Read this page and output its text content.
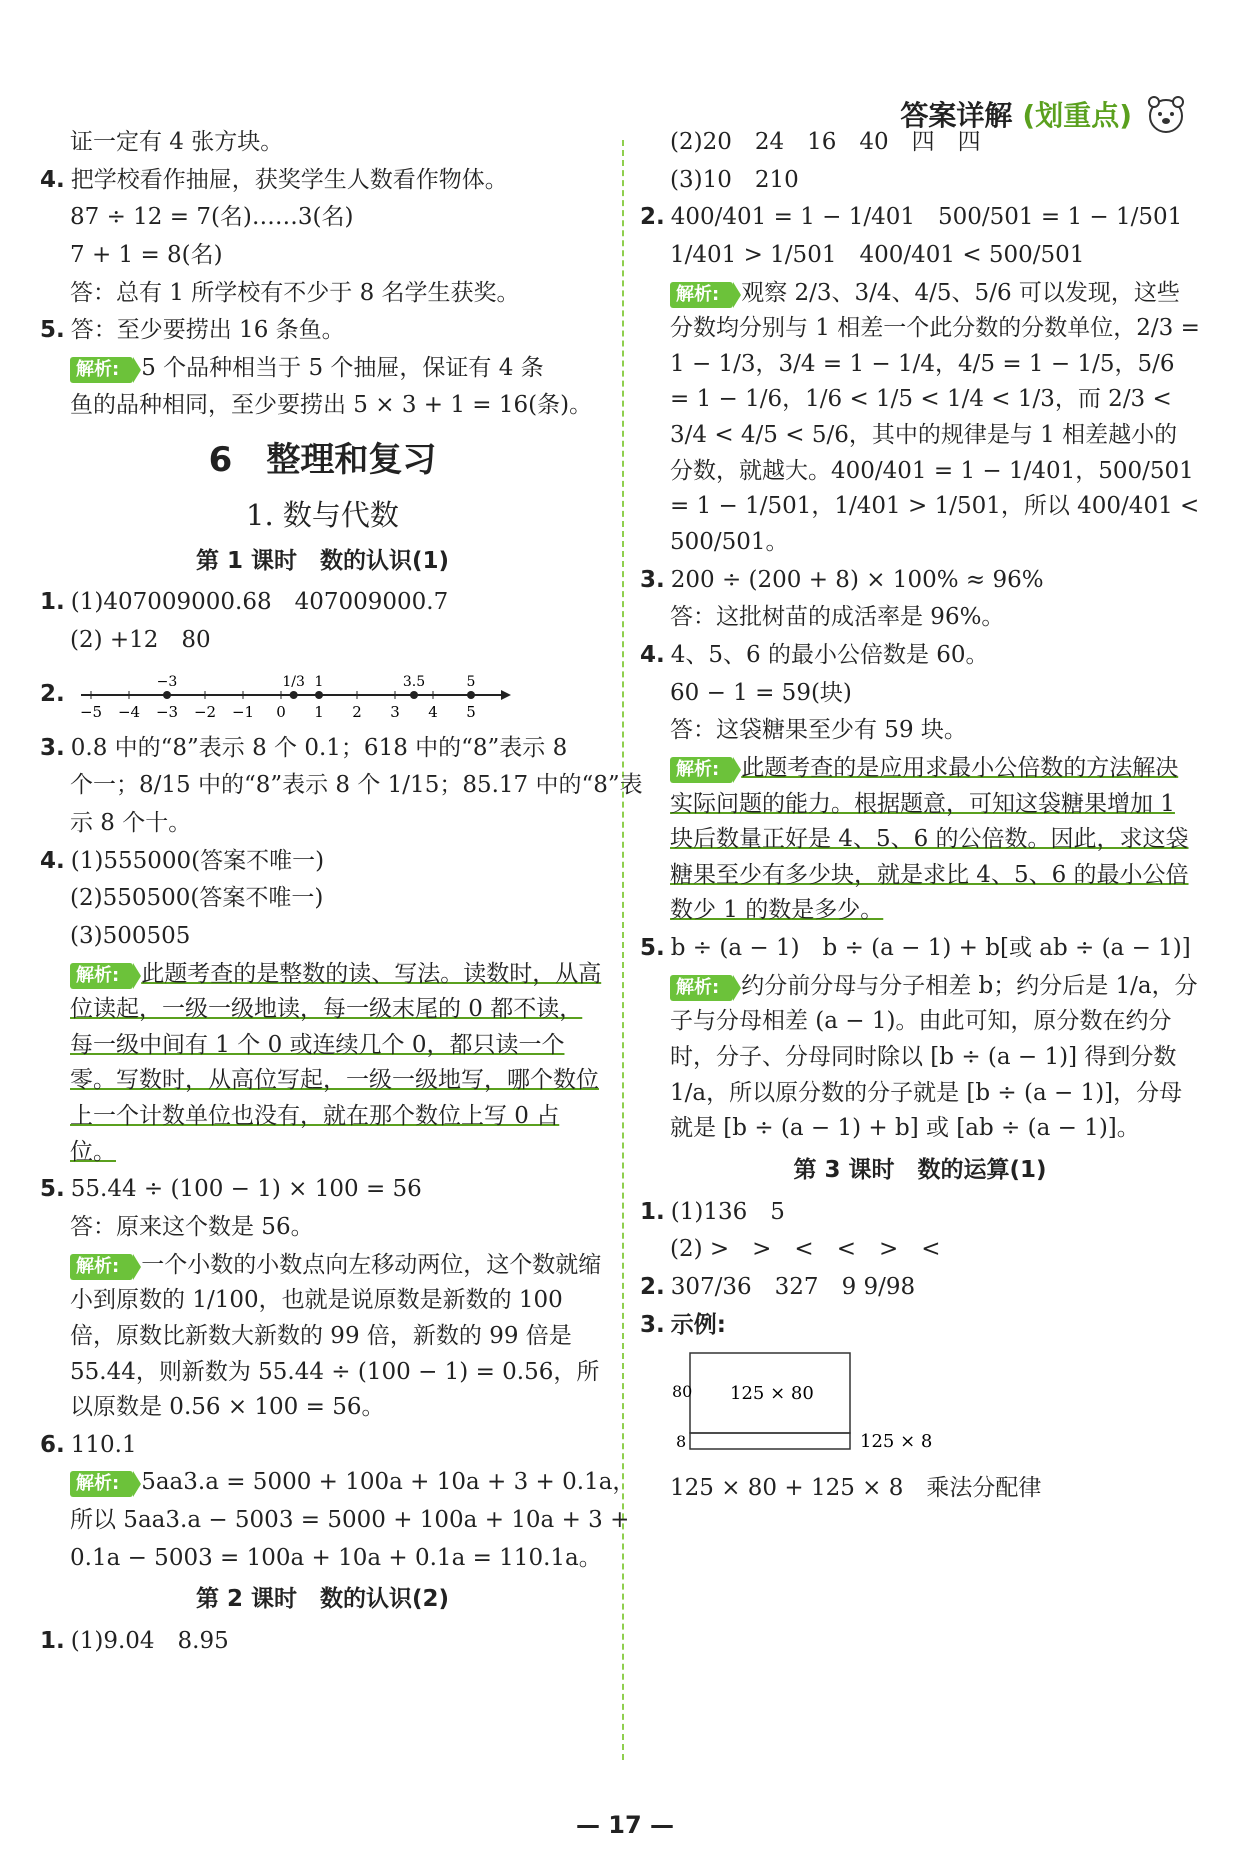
答案详解 (划重点)
证一定有 4 张方块。
4. 把学校看作抽屉，获奖学生人数看作物体。
87 ÷ 12 = 7(名)……3(名)
7 + 1 = 8(名)
答：总有 1 所学校有不少于 8 名学生获奖。
5. 答：至少要捞出 16 条鱼。
解析: 5 个品种相当于 5 个抽屉，保证有 4 条
鱼的品种相同，至少要捞出 5 × 3 + 1 = 16(条)。
6　整理和复习
1. 数与代数
第 1 课时　数的认识(1)
1. (1)407009000.68　407009000.7
(2) +12　80
2.
−5 −4 −3 −2 −1 0 1 2 3 4 5
−3	1/3 1	3.5	5
3. 0.8 中的“8”表示 8 个 0.1；618 中的“8”表示 8
个一；8/15 中的“8”表示 8 个 1/15；85.17 中的“8”表
示 8 个十。
4. (1)555000(答案不唯一)
(2)550500(答案不唯一)
(3)500505
解析: 此题考查的是整数的读、写法。读数时，从高位读起，一级一级地读，每一级末尾的 0 都不读，每一级中间有 1 个 0 或连续几个 0，都只读一个零。写数时，从高位写起，一级一级地写，哪个数位上一个计数单位也没有，就在那个数位上写 0 占位。
5. 55.44 ÷ (100 − 1) × 100 = 56
答：原来这个数是 56。
解析: 一个小数的小数点向左移动两位，这个数就缩小到原数的 1/100，也就是说原数是新数的 100 倍，原数比新数大新数的 99 倍，新数的 99 倍是 55.44，则新数为 55.44 ÷ (100 − 1) = 0.56，所以原数是 0.56 × 100 = 56。
6. 110.1
解析: 5aa3.a = 5000 + 100a + 10a + 3 + 0.1a，
所以 5aa3.a − 5003 = 5000 + 100a + 10a + 3 +
0.1a − 5003 = 100a + 10a + 0.1a = 110.1a。
第 2 课时　数的认识(2)
1. (1)9.04　8.95
(2)20　24　16　40　四　四
(3)10　210
2. 400/401 = 1 − 1/401　500/501 = 1 − 1/501
1/401 > 1/501　400/401 < 500/501
解析: 观察 2/3、3/4、4/5、5/6 可以发现，这些分数均分别与 1 相差一个此分数的分数单位，2/3 = 1 − 1/3，3/4 = 1 − 1/4，4/5 = 1 − 1/5，5/6 = 1 − 1/6，1/6 < 1/5 < 1/4 < 1/3，而 2/3 < 3/4 < 4/5 < 5/6，其中的规律是与 1 相差越小的分数，就越大。400/401 = 1 − 1/401，500/501 = 1 − 1/501，1/401 > 1/501，所以 400/401 < 500/501。
3. 200 ÷ (200 + 8) × 100% ≈ 96%
答：这批树苗的成活率是 96%。
4. 4、5、6 的最小公倍数是 60。
60 − 1 = 59(块)
答：这袋糖果至少有 59 块。
解析: 此题考查的是应用求最小公倍数的方法解决实际问题的能力。根据题意，可知这袋糖果增加 1 块后数量正好是 4、5、6 的公倍数。因此，求这袋糖果至少有多少块，就是求比 4、5、6 的最小公倍数少 1 的数是多少。
5. b ÷ (a − 1)　b ÷ (a − 1) + b[或 ab ÷ (a − 1)]
解析: 约分前分母与分子相差 b；约分后是 1/a，分子与分母相差 (a − 1)。由此可知，原分数在约分时，分子、分母同时除以 [b ÷ (a − 1)] 得到分数 1/a，所以原分数的分子就是 [b ÷ (a − 1)]，分母就是 [b ÷ (a − 1) + b] 或 [ab ÷ (a − 1)]。
第 3 课时　数的运算(1)
1. (1)136　5
(2) >　>　<　<　>　<
2. 307/36　327　9 9/98
3. 示例:
125 × 80
125 × 8
80
8
125 × 80 + 125 × 8　乘法分配律
— 17 —
